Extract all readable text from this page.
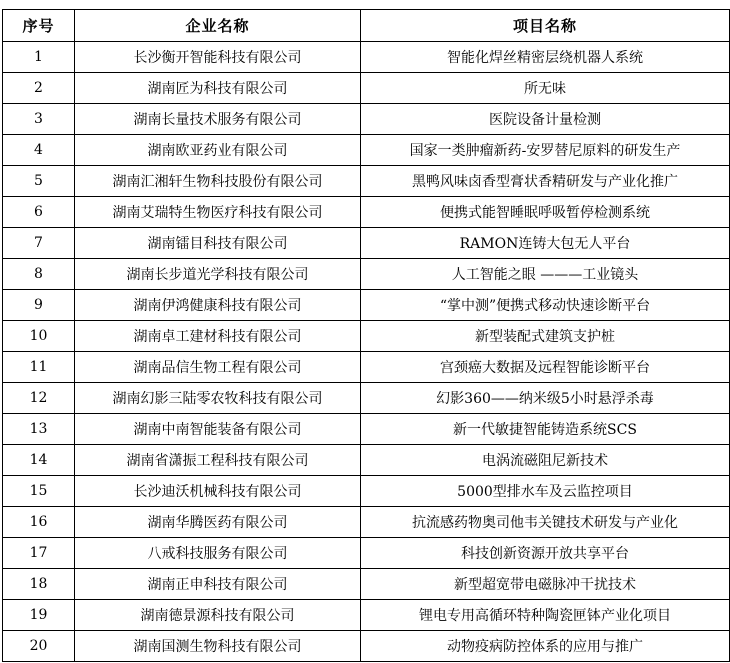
序号	企业名称	项目名称
1	长沙衡开智能科技有限公司	智能化焊丝精密层绕机器人系统
2	湖南匠为科技有限公司	所无味
3	湖南长量技术服务有限公司	医院设备计量检测
4	湖南欧亚药业有限公司	国家一类肿瘤新药-安罗替尼原料的研发生产
5	湖南汇湘轩生物科技股份有限公司	黑鸭风味卤香型膏状香精研发与产业化推广
6	湖南艾瑞特生物医疗科技有限公司	便携式能智睡眠呼吸暂停检测系统
7	湖南镭目科技有限公司	RAMON连铸大包无人平台
8	湖南长步道光学科技有限公司	人工智能之眼 ———工业镜头
9	湖南伊鸿健康科技有限公司	“掌中测”便携式移动快速诊断平台
10	湖南卓工建材科技有限公司	新型装配式建筑支护桩
11	湖南品信生物工程有限公司	宫颈癌大数据及远程智能诊断平台
12	湖南幻影三陆零农牧科技有限公司	幻影360——纳米级5小时悬浮杀毒
13	湖南中南智能装备有限公司	新一代敏捷智能铸造系统SCS
14	湖南省潇振工程科技有限公司	电涡流磁阻尼新技术
15	长沙迪沃机械科技有限公司	5000型排水车及云监控项目
16	湖南华腾医药有限公司	抗流感药物奥司他韦关键技术研发与产业化
17	八戒科技服务有限公司	科技创新资源开放共享平台
18	湖南正申科技有限公司	新型超宽带电磁脉冲干扰技术
19	湖南德景源科技有限公司	锂电专用高循环特种陶瓷匣钵产业化项目
20	湖南国测生物科技有限公司	动物疫病防控体系的应用与推广
